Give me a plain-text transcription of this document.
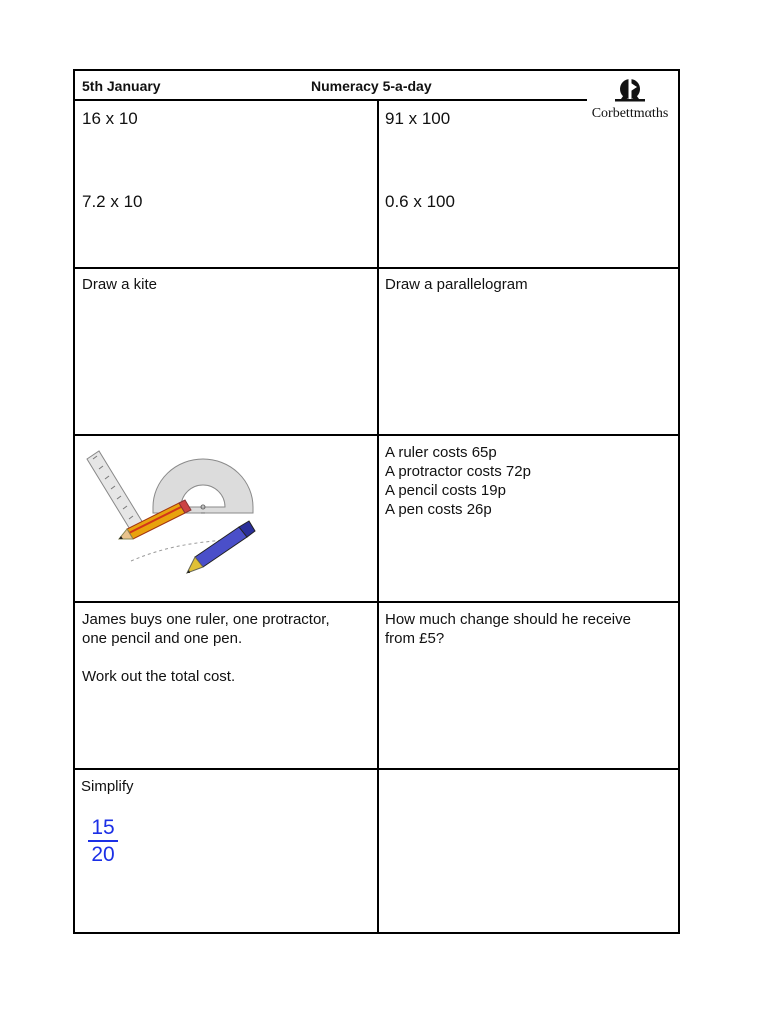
5th January	Numeracy 5-a-day
Corbettmαths
16 x 10
7.2 x 10
91 x 100
0.6 x 100
Draw a kite	Draw a parallelogram
A ruler costs 65p
A protractor costs 72p
A pencil costs 19p
A pen costs 26p
James buys one ruler, one protractor,
one pencil and one pen.
Work out the total cost.
How much change should he receive
from £5?
Simplify
15
20
